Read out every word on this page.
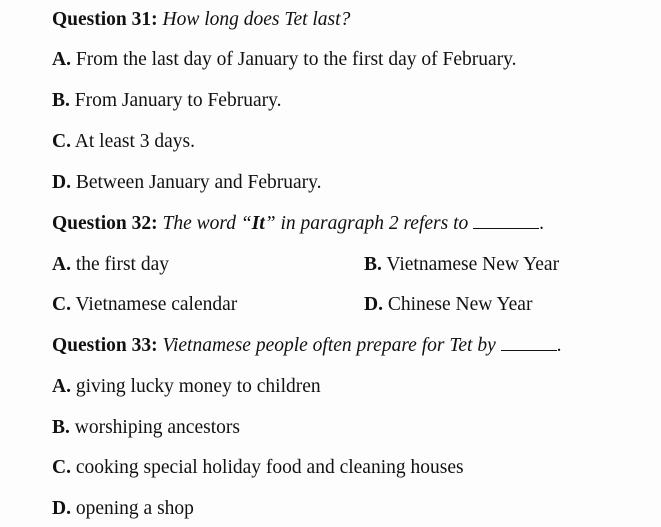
Question 31: How long does Tet last?
A. From the last day of January to the first day of February.
B. From January to February.
C. At least 3 days.
D. Between January and February.
Question 32: The word “It” in paragraph 2 refers to	.
A. the first day	B. Vietnamese New Year
C. Vietnamese calendar	D. Chinese New Year
Question 33: Vietnamese people often prepare for Tet by	.
A. giving lucky money to children
B. worshiping ancestors
C. cooking special holiday food and cleaning houses
D. opening a shop
